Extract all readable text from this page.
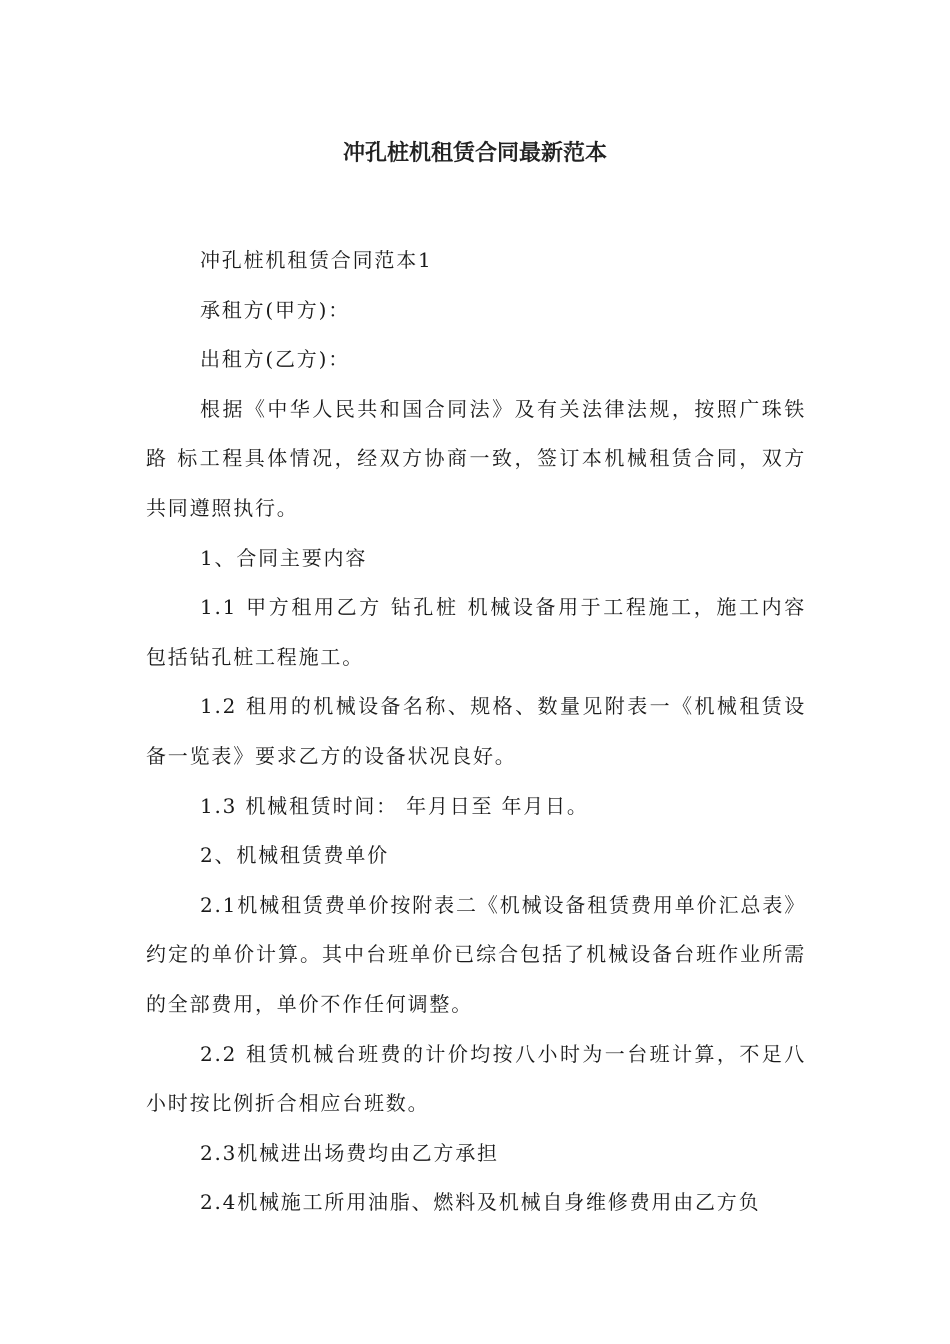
冲孔桩机租赁合同最新范本

冲孔桩机租赁合同范本1

承租方(甲方)：

出租方(乙方)：

根据《中华人民共和国合同法》及有关法律法规，按照广珠铁路 标工程具体情况，经双方协商一致，签订本机械租赁合同，双方共同遵照执行。

1、合同主要内容

1.1 甲方租用乙方 钻孔桩 机械设备用于工程施工，施工内容包括钻孔桩工程施工。

1.2 租用的机械设备名称、规格、数量见附表一《机械租赁设备一览表》要求乙方的设备状况良好。

1.3 机械租赁时间： 年月日至 年月日。

2、机械租赁费单价

2.1机械租赁费单价按附表二《机械设备租赁费用单价汇总表》约定的单价计算。其中台班单价已综合包括了机械设备台班作业所需的全部费用，单价不作任何调整。

2.2 租赁机械台班费的计价均按八小时为一台班计算，不足八小时按比例折合相应台班数。

2.3机械进出场费均由乙方承担

2.4机械施工所用油脂、燃料及机械自身维修费用由乙方负
